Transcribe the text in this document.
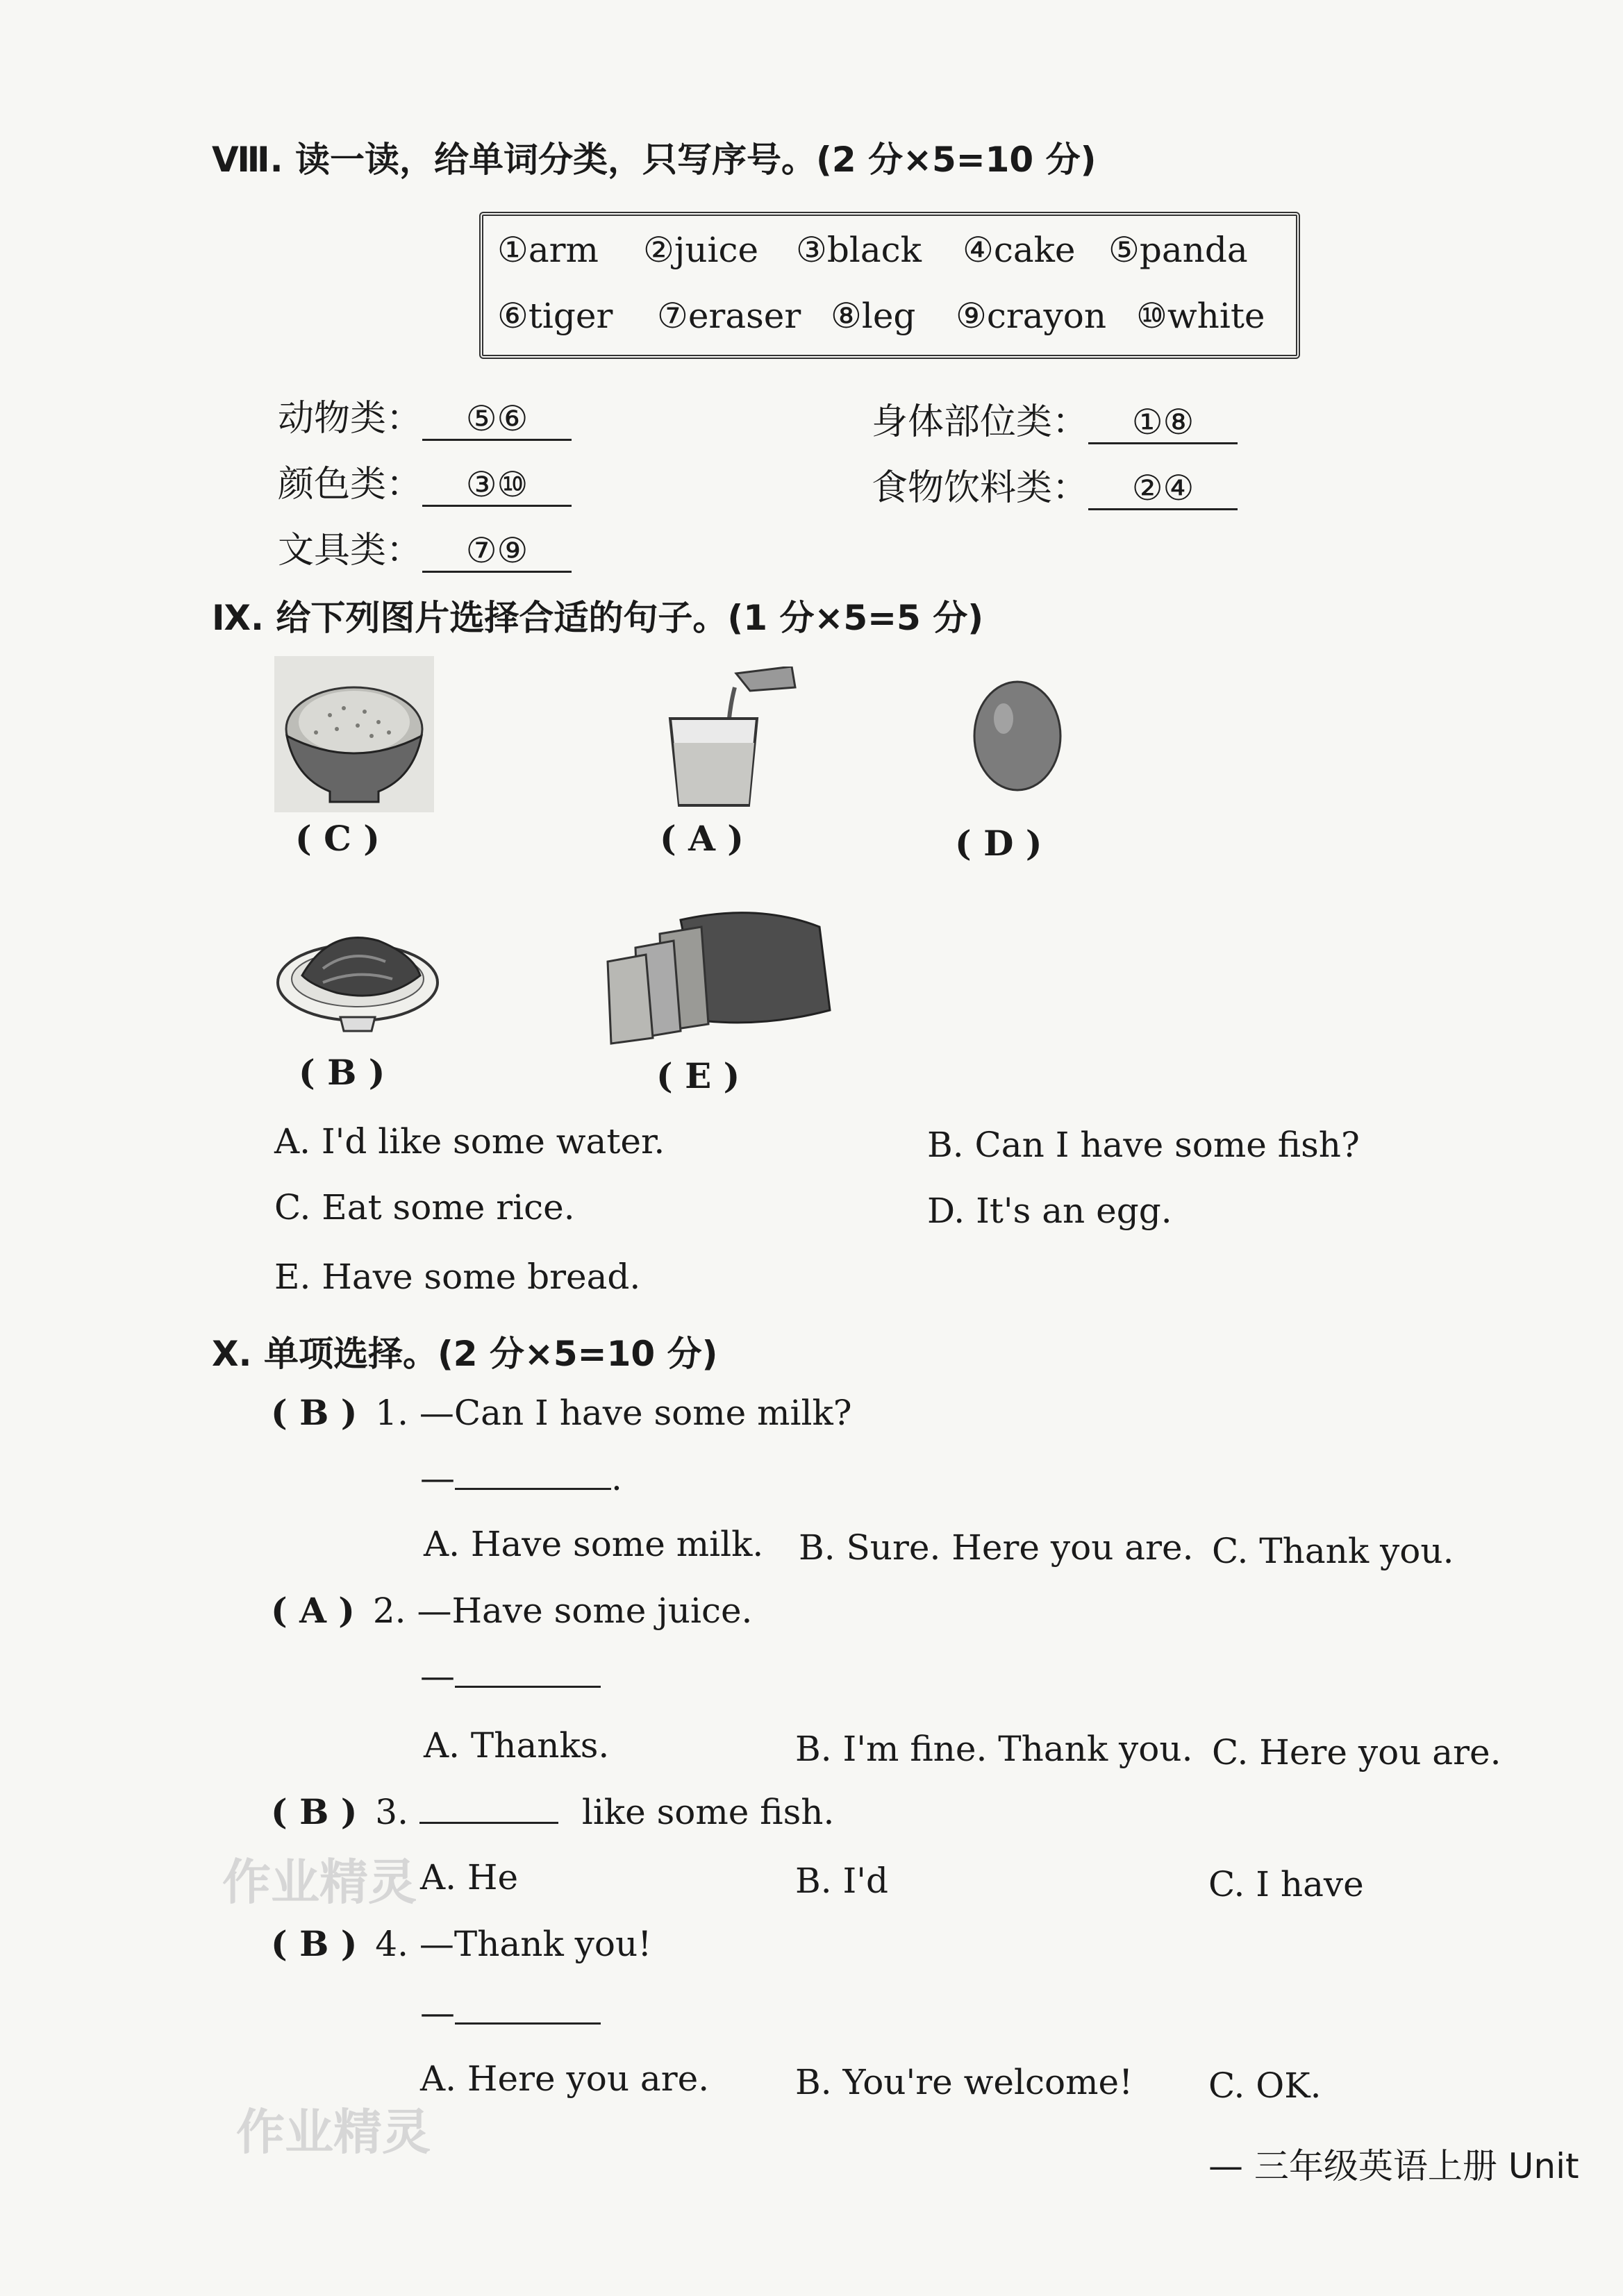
Ⅷ. 读一读，给单词分类，只写序号。(2 分×5=10 分)
①arm ②juice ③black ④cake ⑤panda
⑥tiger ⑦eraser ⑧leg ⑨crayon ⑩white
动物类： ⑤⑥	身体部位类： ①⑧
颜色类： ③⑩	食物饮料类： ②④
文具类： ⑦⑨
Ⅸ. 给下列图片选择合适的句子。(1 分×5=5 分)
( C )	( A )	( D )
( B )	( E )
A. I'd like some water.	B. Can I have some fish?
C. Eat some rice.	D. It's an egg.
E. Have some bread.
Ⅹ. 单项选择。(2 分×5=10 分)
( B ) 1. —Can I have some milk?
—	.
A. Have some milk. B. Sure. Here you are. C. Thank you.
( A ) 2. —Have some juice.
—
A. Thanks.	B. I'm fine. Thank you. C. Here you are.
( B ) 3.	like some fish.
A. He	B. I'd	C. I have
( B ) 4. —Thank you!
—
A. Here you are. B. You're welcome! C. OK.
作业精灵
作业精灵
— 三年级英语上册 Unit
